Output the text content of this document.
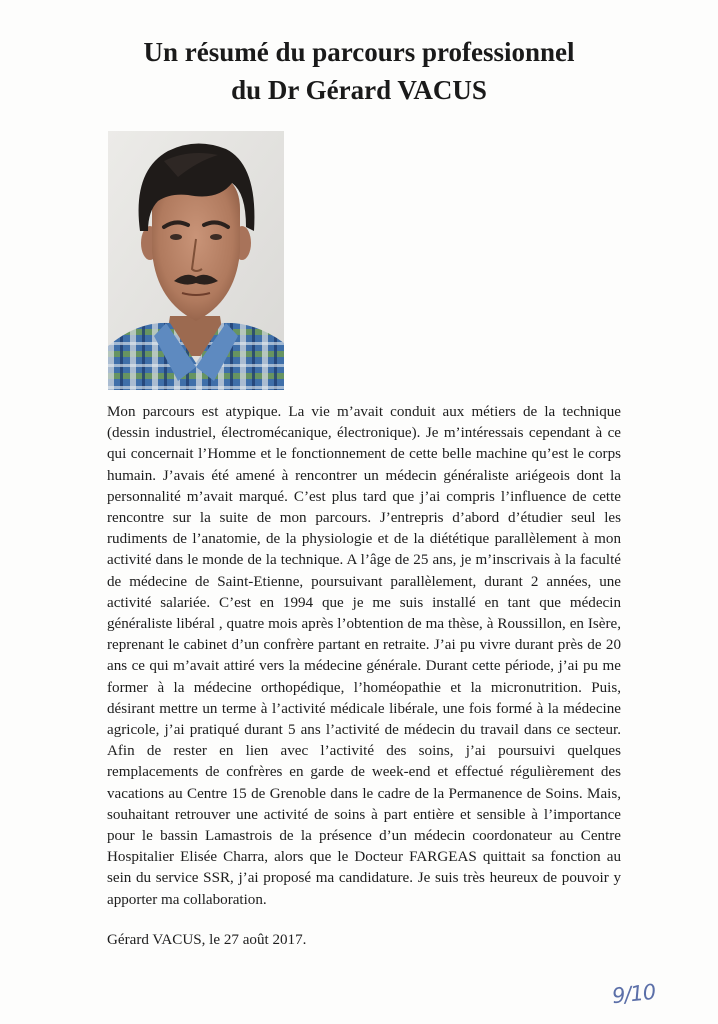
Un résumé du parcours professionnel
du Dr Gérard VACUS

Mon parcours est atypique. La vie m’avait conduit aux métiers de la technique (dessin industriel, électromécanique, électronique). Je m’intéressais cependant à ce qui concernait l’Homme et le fonctionnement de cette belle machine qu’est le corps humain. J’avais été amené à rencontrer un médecin généraliste ariégeois dont la personnalité m’avait marqué. C’est plus tard que j’ai compris l’influence de cette rencontre sur la suite de mon parcours. J’entrepris d’abord d’étudier seul les rudiments de l’anatomie, de la physiologie et de la diététique parallèlement à mon activité dans le monde de la technique. A l’âge de 25 ans, je m’inscrivais à la faculté de médecine de Saint-Etienne, poursuivant parallèlement, durant 2 années, une activité salariée. C’est en 1994 que je me suis installé en tant que médecin généraliste libéral , quatre mois après l’obtention de ma thèse, à Roussillon, en Isère, reprenant le cabinet d’un confrère partant en retraite. J’ai pu vivre durant près de 20 ans ce qui m’avait attiré vers la médecine générale. Durant cette période, j’ai pu me former à la médecine orthopédique, l’homéopathie et la micronutrition. Puis, désirant mettre un terme à l’activité médicale libérale, une fois formé à la médecine agricole, j’ai pratiqué durant 5 ans l’activité de médecin du travail dans ce secteur. Afin de rester en lien avec l’activité des soins, j’ai poursuivi quelques remplacements de confrères en garde de week-end et effectué régulièrement des vacations au Centre 15 de Grenoble dans le cadre de la Permanence de Soins. Mais, souhaitant retrouver une activité de soins à part entière et sensible à l’importance pour le bassin Lamastrois de la présence d’un médecin coordonateur au Centre Hospitalier Elisée Charra, alors que le Docteur FARGEAS quittait sa fonction au sein du service SSR, j’ai proposé ma candidature. Je suis très heureux de pouvoir y apporter ma collaboration.

Gérard VACUS, le 27 août 2017.
9/10
